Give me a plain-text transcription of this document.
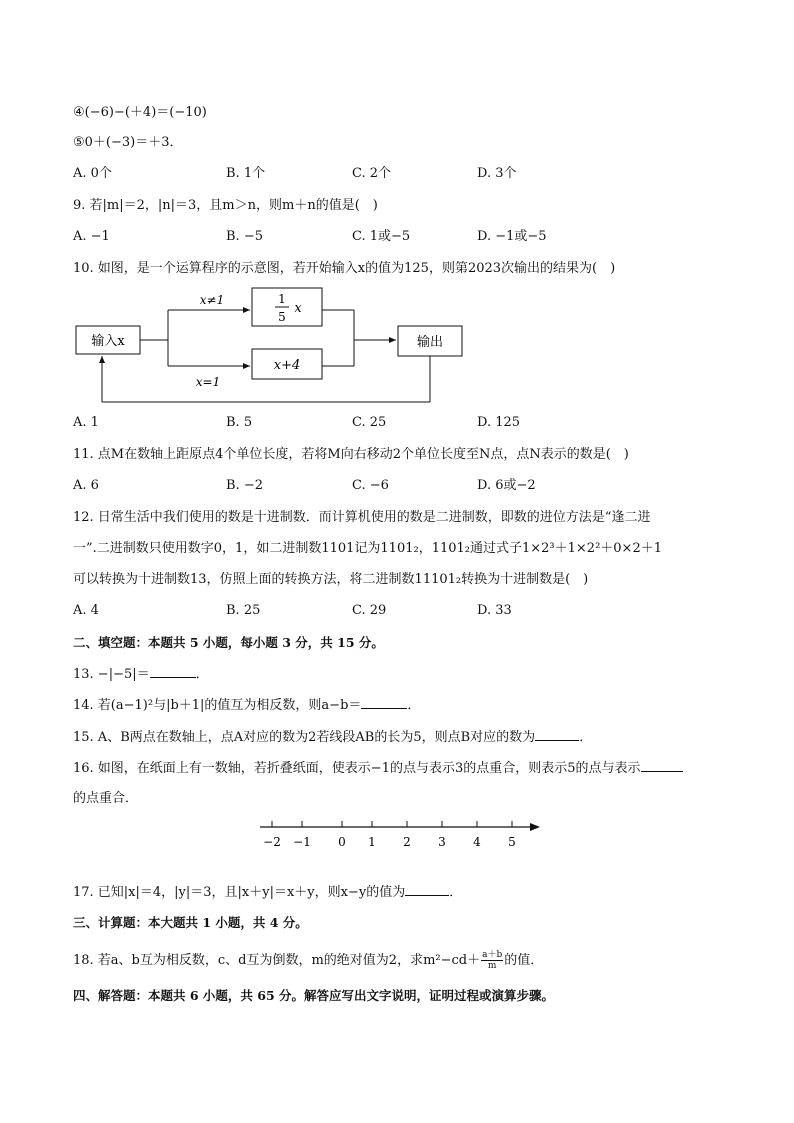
④(−6)−(＋4)＝(−10)
⑤0＋(−3)＝＋3．
A. 0个	B. 1个	C. 2个	D. 3个
9. 若|m|＝2，|n|＝3，且m＞n，则m＋n的值是(　)
A. −1	B. −5	C. 1或−5	D. −1或−5
10. 如图，是一个运算程序的示意图，若开始输入x的值为125，则第2023次输出的结果为(　)
输入x
x≠1
x=1
1
5
x
x+4
输出
A. 1	B. 5	C. 25	D. 125
11. 点M在数轴上距原点4个单位长度，若将M向右移动2个单位长度至N点，点N表示的数是(　)
A. 6	B. −2	C. −6	D. 6或−2
12. 日常生活中我们使用的数是十进制数．而计算机使用的数是二进制数，即数的进位方法是“逢二进
一”.二进制数只使用数字0，1，如二进制数1101记为1101₂，1101₂通过式子1×2³＋1×2²＋0×2＋1
可以转换为十进制数13，仿照上面的转换方法，将二进制数11101₂转换为十进制数是(　)
A. 4	B. 25	C. 29	D. 33
二、填空题：本题共 5 小题，每小题 3 分，共 15 分。
13. −|−5|＝	．
14. 若(a−1)²与|b＋1|的值互为相反数，则a−b＝	．
15. A、B两点在数轴上，点A对应的数为2若线段AB的长为5，则点B对应的数为	．
16. 如图，在纸面上有一数轴，若折叠纸面，使表示−1的点与表示3的点重合，则表示5的点与表示
的点重合．
−2 −1 0 1 2 3 4 5
17. 已知|x|＝4，|y|＝3，且|x＋y|＝x＋y，则x−y的值为	．
三、计算题：本大题共 1 小题，共 4 分。
18. 若a、b互为相反数，c、d互为倒数，m的绝对值为2，求$m^2-cd+ \frac{a+b}{m}$ 的值．
四、解答题：本题共 6 小题，共 65 分。解答应写出文字说明，证明过程或演算步骤。
